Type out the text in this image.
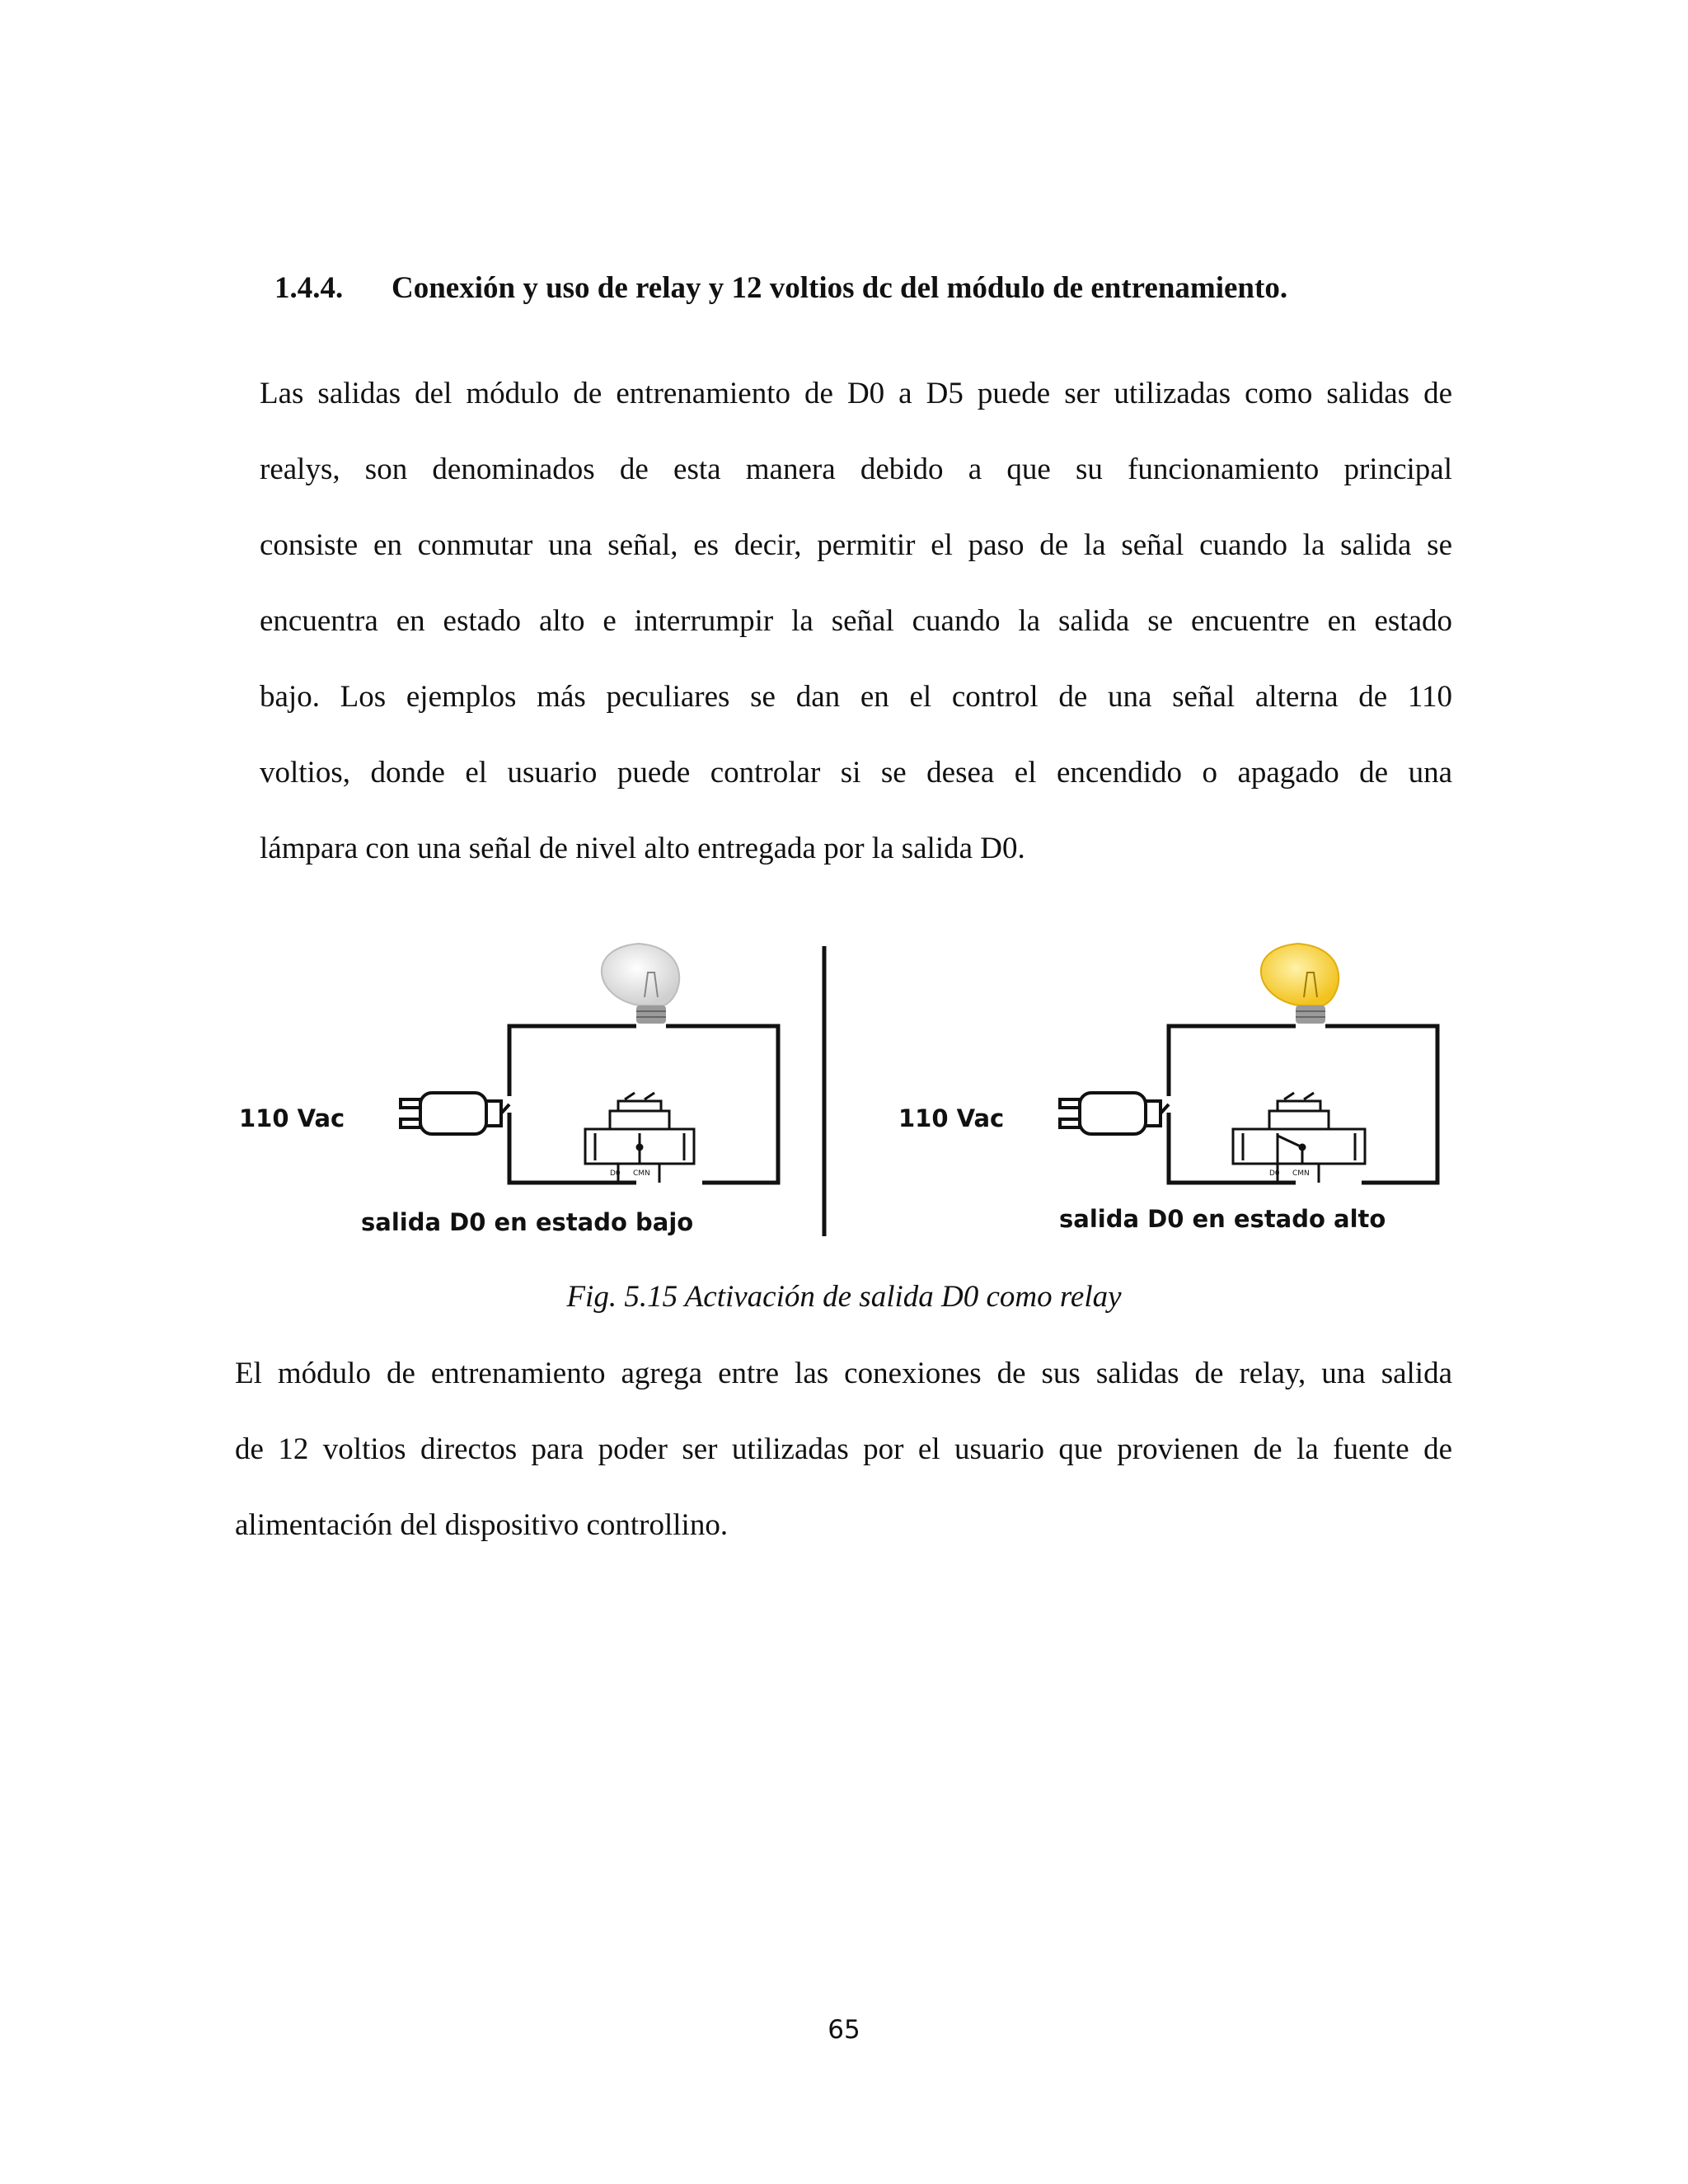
1.4.4. Conexión y uso de relay y 12 voltios dc del módulo de entrenamiento.
Las salidas del módulo de entrenamiento de D0 a D5 puede ser utilizadas como salidas de
realys, son denominados de esta manera debido a que su funcionamiento principal
consiste en conmutar una señal, es decir, permitir el paso de la señal cuando la salida se
encuentra en estado alto e interrumpir la señal cuando la salida se encuentre en estado
bajo. Los ejemplos más peculiares se dan en el control de una señal alterna de 110
voltios, donde el usuario puede controlar si se desea el encendido o apagado de una
lámpara con una señal de nivel alto entregada por la salida D0.
110 Vac
D0 CMN
salida D0 en estado bajo
110 Vac
D0 CMN
salida D0 en estado alto
Fig. 5.15 Activación de salida D0 como relay
El módulo de entrenamiento agrega entre las conexiones de sus salidas de relay, una salida
de 12 voltios directos para poder ser utilizadas por el usuario que provienen de la fuente de
alimentación del dispositivo controllino.
65
